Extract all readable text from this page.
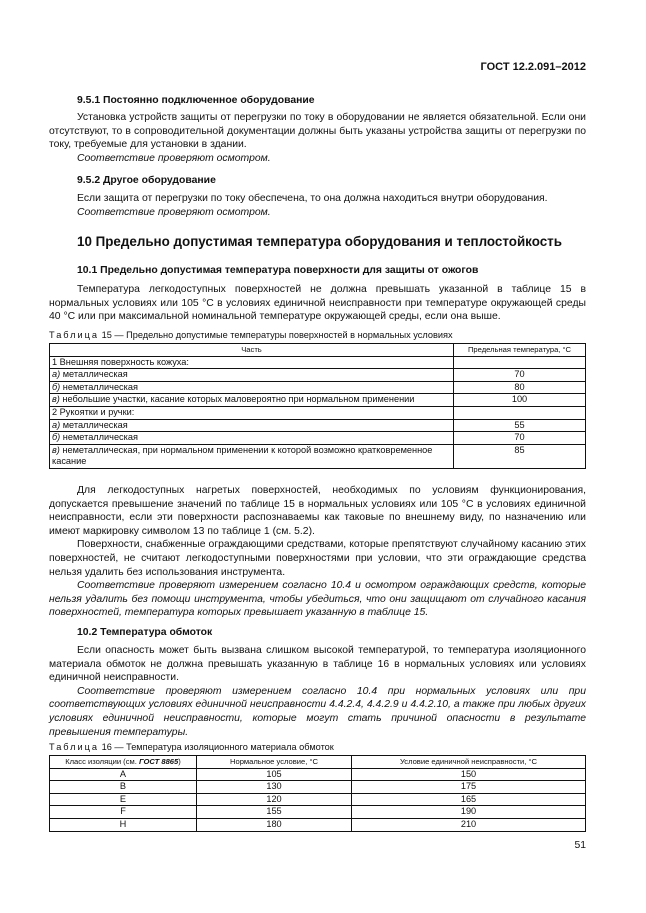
ГОСТ 12.2.091–2012
9.5.1 Постоянно подключенное оборудование

Установка устройств защиты от перегрузки по току в оборудовании не является обязательной. Если они отсутствуют, то в сопроводительной документации должны быть указаны устройства защиты от перегрузки по току, требуемые для установки в здании.

Соответствие проверяют осмотром.

9.5.2 Другое оборудование

Если защита от перегрузки по току обеспечена, то она должна находиться внутри оборудования.

Соответствие проверяют осмотром.

10 Предельно допустимая температура оборудования и теплостойкость
10.1 Предельно допустимая температура поверхности для защиты от ожогов

Температура легкодоступных поверхностей не должна превышать указанной в таблице 15 в нормальных условиях или 105 °С в условиях единичной неисправности при температуре окружающей среды 40 °С или при максимальной номинальной температуре окружающей среды, если она выше.

Таблица 15 — Предельно допустимые температуры поверхностей в нормальных условиях
Часть	Предельная температура, °С
1 Внешняя поверхность кожуха:	
а) металлическая	70
б) неметаллическая	80
в) небольшие участки, касание которых маловероятно при нормальном применении	100
2 Рукоятки и ручки:	
а) металлическая	55
б) неметаллическая	70
в) неметаллическая, при нормальном применении к которой возможно кратковременное касание	85

Для легкодоступных нагретых поверхностей, необходимых по условиям функционирования, допускается превышение значений по таблице 15 в нормальных условиях или 105 °С в условиях единичной неисправности, если эти поверхности распознаваемы как таковые по внешнему виду, по назначению или имеют маркировку символом 13 по таблице 1 (см. 5.2).

Поверхности, снабженные ограждающими средствами, которые препятствуют случайному касанию этих поверхностей, не считают легкодоступными поверхностями при условии, что эти ограждающие средства нельзя удалить без использования инструмента.

Соответствие проверяют измерением согласно 10.4 и осмотром ограждающих средств, которые нельзя удалить без помощи инструмента, чтобы убедиться, что они защищают от случайного касания поверхностей, температура которых превышает указанную в таблице 15.

10.2 Температура обмоток

Если опасность может быть вызвана слишком высокой температурой, то температура изоляционного материала обмоток не должна превышать указанную в таблице 16 в нормальных условиях или условиях единичной неисправности.

Соответствие проверяют измерением согласно 10.4 при нормальных условиях или при соответствующих условиях единичной неисправности 4.4.2.4, 4.4.2.9 и 4.4.2.10, а также при любых других условиях единичной неисправности, которые могут стать причиной опасности в результате превышения температуры.

Таблица 16 — Температура изоляционного материала обмоток
Класс изоляции (см. ГОСТ 8865)	Нормальное условие, °С	Условие единичной неисправности, °С
A	105	150
B	130	175
E	120	165
F	155	190
H	180	210
51
